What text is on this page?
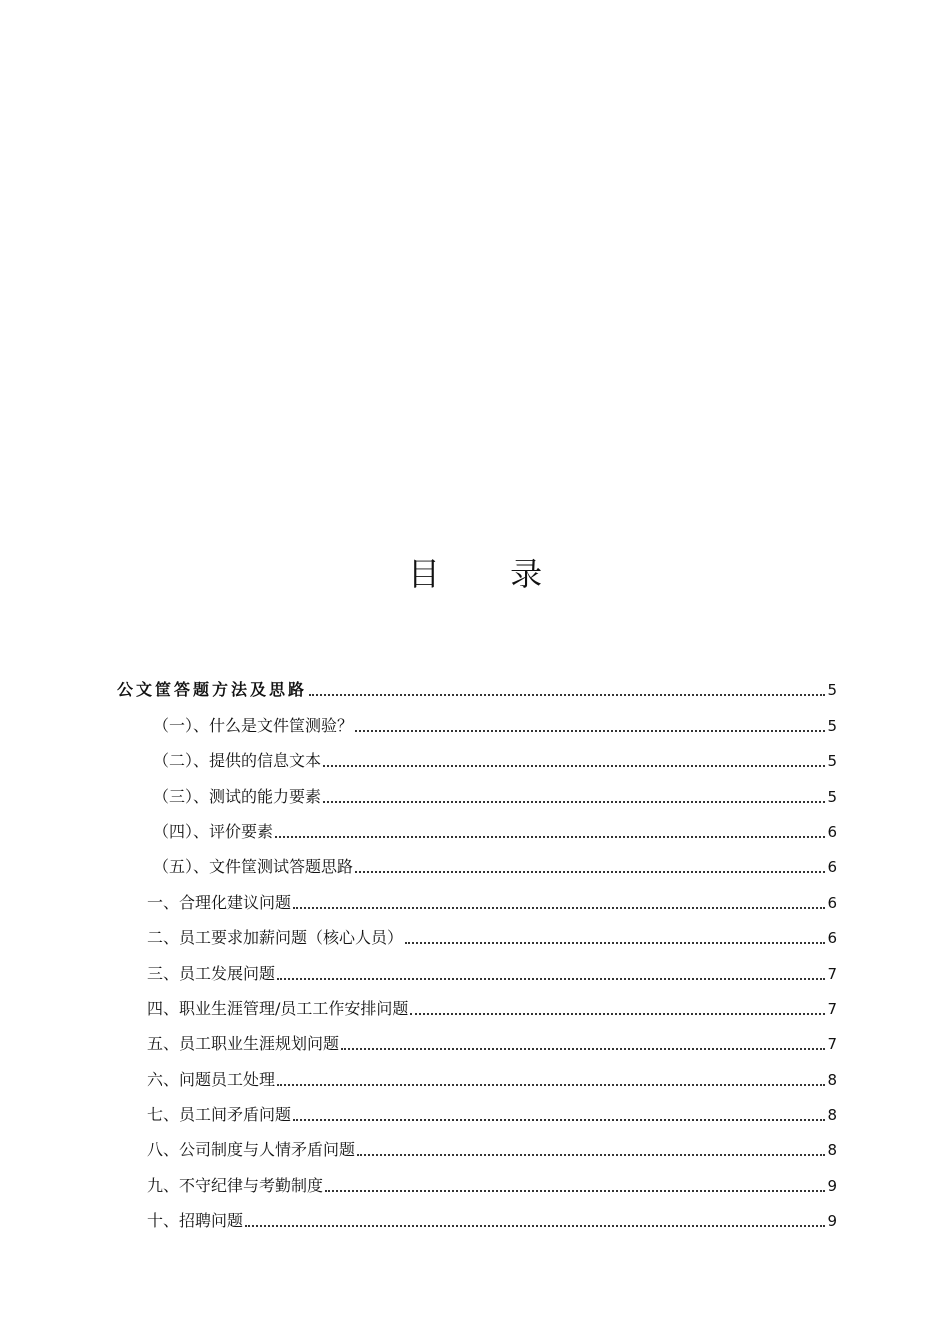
目 录
公文筐答题方法及思路	5
（一）、什么是文件筐测验？	5
（二）、提供的信息文本	5
（三）、测试的能力要素	5
（四）、评价要素	6
（五）、文件筐测试答题思路	6
一、合理化建议问题	6
二、员工要求加薪问题（核心人员）	6
三、员工发展问题	7
四、职业生涯管理/员工工作安排问题	7
五、员工职业生涯规划问题	7
六、问题员工处理	8
七、员工间矛盾问题	8
八、公司制度与人情矛盾问题	8
九、不守纪律与考勤制度	9
十、招聘问题	9
